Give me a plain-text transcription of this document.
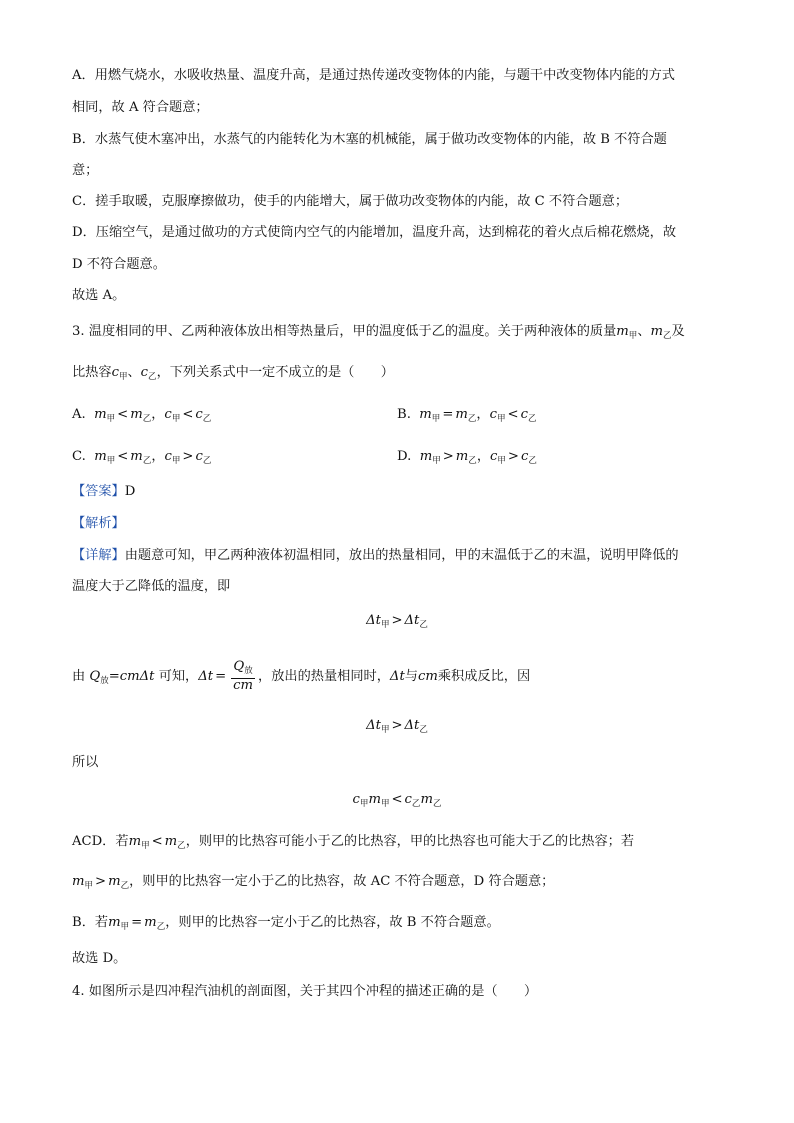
A．用燃气烧水，水吸收热量、温度升高，是通过热传递改变物体的内能，与题干中改变物体内能的方式
相同，故 A 符合题意；
B．水蒸气使木塞冲出，水蒸气的内能转化为木塞的机械能，属于做功改变物体的内能，故 B 不符合题
意；
C．搓手取暖，克服摩擦做功，使手的内能增大，属于做功改变物体的内能，故 C 不符合题意；
D．压缩空气，是通过做功的方式使筒内空气的内能增加，温度升高，达到棉花的着火点后棉花燃烧，故
D 不符合题意。
故选 A。
3. 温度相同的甲、乙两种液体放出相等热量后，甲的温度低于乙的温度。关于两种液体的质量$m_甲$、$m_乙$及
比热容$c_甲$、$c_乙$，下列关系式中一定不成立的是（　　）
A. $m_甲 < m_乙$，$c_甲 < c_乙$	B. $m_甲 = m_乙$，$c_甲 < c_乙$
C. $m_甲 < m_乙$，$c_甲 > c_乙$	D. $m_甲 > m_乙$，$c_甲 > c_乙$
【答案】D
【解析】
【详解】由题意可知，甲乙两种液体初温相同，放出的热量相同，甲的末温低于乙的末温，说明甲降低的
温度大于乙降低的温度，即
$\Delta t_甲 > \Delta t_乙$
由 $Q_放=cm\Delta t$ 可知，$\Delta t = \frac{Q_放}{cm}$ ，放出的热量相同时，Δt与cm乘积成反比，因
$\Delta t_甲 > \Delta t_乙$
所以
$c_甲m_甲 < c_乙m_乙$
ACD．若$m_甲 < m_乙$，则甲的比热容可能小于乙的比热容，甲的比热容也可能大于乙的比热容；若
$m_甲 > m_乙$，则甲的比热容一定小于乙的比热容，故 AC 不符合题意，D 符合题意；
B．若$m_甲 = m_乙$，则甲的比热容一定小于乙的比热容，故 B 不符合题意。
故选 D。
4. 如图所示是四冲程汽油机的剖面图，关于其四个冲程的描述正确的是（　　）
